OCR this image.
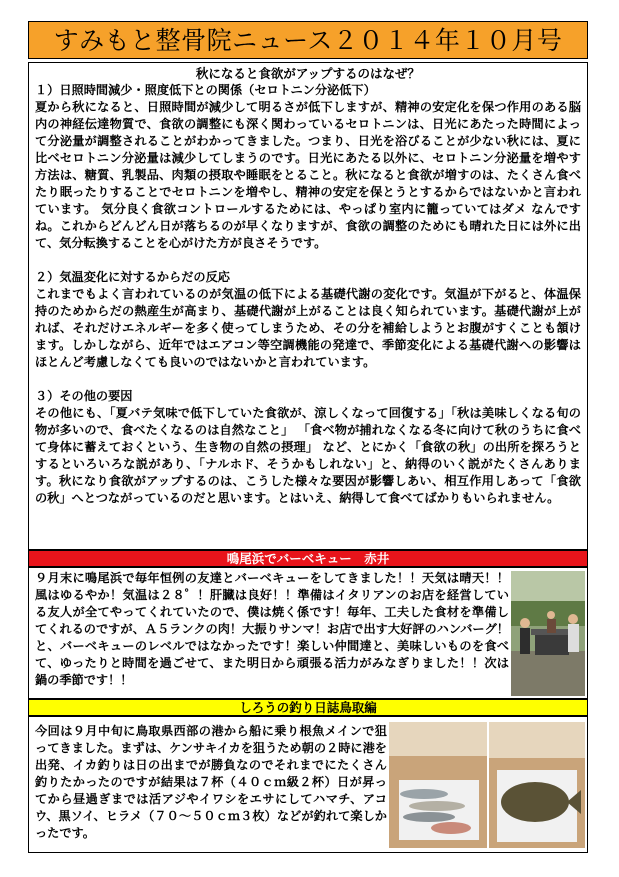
すみもと整骨院ニュース２０１４年１０月号
秋になると食欲がアップするのはなぜ？

１）日照時間減少・照度低下との関係（セロトニン分泌低下）

夏から秋になると、日照時間が減少して明るさが低下しますが、精神の安定化を保つ作用のある脳内の神経伝達物質で、食欲の調整にも深く関わっているセロトニンは、日光にあたった時間によって分泌量が調整されることがわかってきました。つまり、日光を浴びることが少ない秋には、夏に比べセロトニン分泌量は減少してしまうのです。日光にあたる以外に、セロトニン分泌量を増やす方法は、糖質、乳製品、肉類の摂取や睡眠をとること。秋になると食欲が増すのは、たくさん食べたり眠ったりすることでセロトニンを増やし、精神の安定を保とうとするからではないかと言われています。 気分良く食欲コントロールするためには、やっぱり室内に籠っていてはダメ なんですね。これからどんどん日が落ちるのが早くなりますが、食欲の調整のためにも晴れた日には外に出て、気分転換することを心がけた方が良さそうです。

２）気温変化に対するからだの反応

これまでもよく言われているのが気温の低下による基礎代謝の変化です。気温が下がると、体温保持のためからだの熱産生が高まり、基礎代謝が上がることは良く知られています。基礎代謝が上がれば、それだけエネルギーを多く使ってしまうため、その分を補給しようとお腹がすくことも頷けます。しかしながら、近年ではエアコン等空調機能の発達で、季節変化による基礎代謝への影響はほとんど考慮しなくても良いのではないかと言われています。

３）その他の要因

その他にも、「夏バテ気味で低下していた食欲が、涼しくなって回復する」「秋は美味しくなる旬の物が多いので、食べたくなるのは自然なこと」 「食べ物が捕れなくなる冬に向けて秋のうちに食べて身体に蓄えておくという、生き物の自然の摂理」 など、とにかく「食欲の秋」の出所を探ろうとするといろいろな説があり、「ナルホド、そうかもしれない」と、納得のいく説がたくさんあります。秋になり食欲がアップするのは、こうした様々な要因が影響しあい、相互作用しあって「食欲の秋」へとつながっているのだと思います。とはいえ、納得して食べてばかりもいられません。

鳴尾浜でバーベキュー　赤井

９月末に鳴尾浜で毎年恒例の友達とバーベキューをしてきました！！天気は晴天！！風はゆるやか！気温は２８゜！肝臓は良好！！準備はイタリアンのお店を経営している友人が全てやってくれていたので、僕は焼く係です！毎年、工夫した食材を準備してくれるのですが、Ａ５ランクの肉！大振りサンマ！お店で出す大好評のハンバーグ！と、バーベキューのレベルではなかったです！楽しい仲間達と、美味しいものを食べて、ゆったりと時間を過ごせて、また明日から頑張る活力がみなぎりました！！次は鍋の季節です！！

しろうの釣り日誌鳥取編

今回は９月中旬に鳥取県西部の港から船に乗り根魚メインで狙ってきました。まずは、ケンサキイカを狙うため朝の２時に港を出発、イカ釣りは日の出までが勝負なのでそれまでにたくさん釣りたかったのですが結果は７杯（４０ｃｍ級２杯）日が昇ってから昼過ぎまでは活アジやイワシをエサにしてハマチ、アコウ、黒ソイ、ヒラメ（７０～５０ｃｍ３枚）などが釣れて楽しかったです。
